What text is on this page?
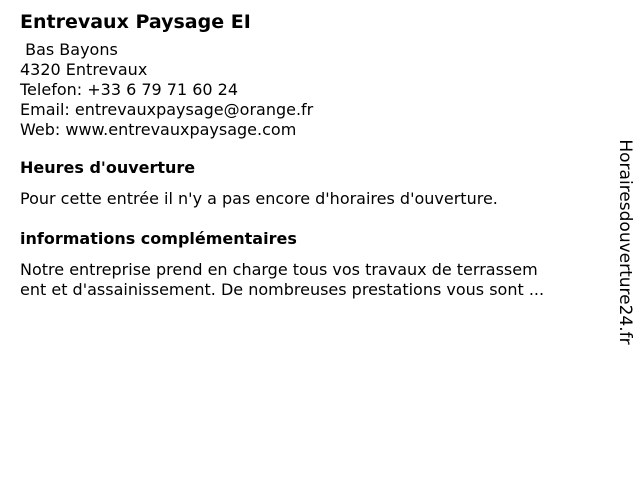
Entrevaux Paysage EI
Bas Bayons
4320 Entrevaux
Telefon: +33 6 79 71 60 24
Email: entrevauxpaysage@orange.fr
Web: www.entrevauxpaysage.com
Heures d'ouverture
Pour cette entrée il n'y a pas encore d'horaires d'ouverture.
informations complémentaires
Notre entreprise prend en charge tous vos travaux de terrassem
ent et d'assainissement. De nombreuses prestations vous sont ...	Horairesdouverture24.fr
